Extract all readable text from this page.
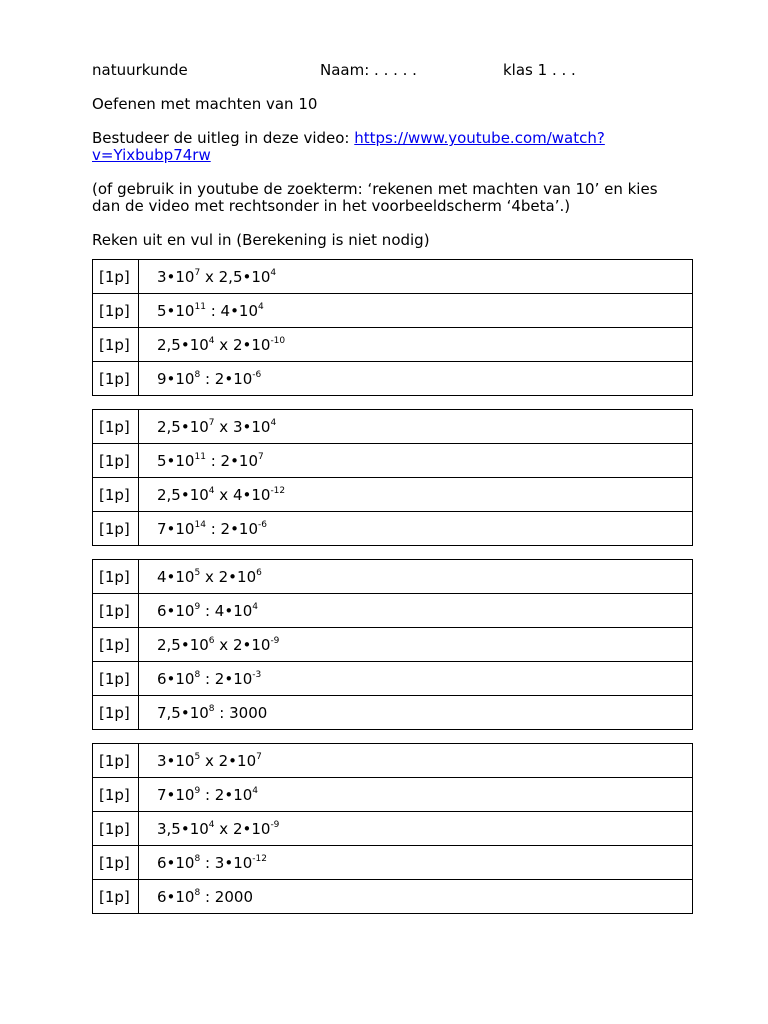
natuurkunde	Naam: . . . . .	klas 1 . . .

Oefenen met machten van 10

Bestudeer de uitleg in deze video: https://www.youtube.com/watch?

v=Yixbubp74rw

(of gebruik in youtube de zoekterm: ‘rekenen met machten van 10’ en kies

dan de video met rechtsonder in het voorbeeldscherm ‘4beta’.)

Reken uit en vul in (Berekening is niet nodig)

[1p]	$3•10^7$ x $2,5•10^4$
[1p]	$5•10^{11}$ : $4•10^4$
[1p]	$2,5•10^4$ x $2•10^{-10}$
[1p]	$9•10^8$ : $2•10^{-6}$
[1p]	$2,5•10^7$ x $3•10^4$
[1p]	$5•10^{11}$ : $2•10^7$
[1p]	$2,5•10^4$ x $4•10^{-12}$
[1p]	$7•10^{14}$ : $2•10^{-6}$
[1p]	$4•10^5$ x $2•10^6$
[1p]	$6•10^9$ : $4•10^4$
[1p]	$2,5•10^6$ x $2•10^{-9}$
[1p]	$6•10^8$ : $2•10^{-3}$
[1p]	$7,5•10^8$ : 3000
[1p]	$3•10^5$ x $2•10^7$
[1p]	$7•10^9$ : $2•10^4$
[1p]	$3,5•10^4$ x $2•10^{-9}$
[1p]	$6•10^8$ : $3•10^{-12}$
[1p]	$6•10^8$ : 2000
